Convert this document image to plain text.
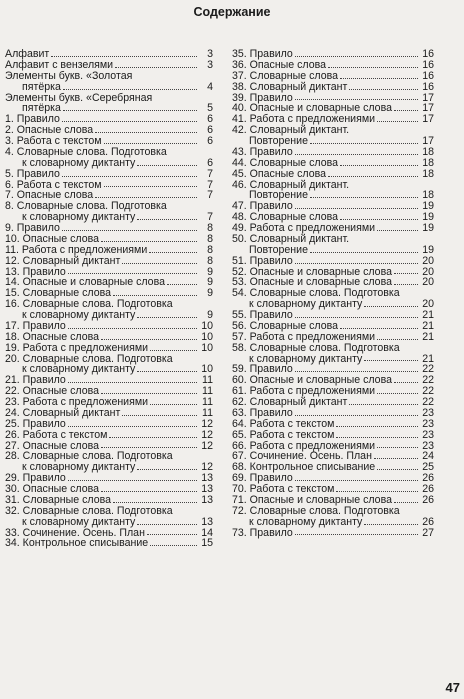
Содержание
Алфавит	3
Алфавит с вензелями	3
Элементы букв. «Золотая
пятёрка	4
Элементы букв. «Серебряная
пятёрка	5
1. Правило	6
2. Опасные слова	6
3. Работа с текстом	6
4. Словарные слова. Подготовка
к словарному диктанту	6
5. Правило	7
6. Работа с текстом	7
7. Опасные слова	7
8. Словарные слова. Подготовка
к словарному диктанту	7
9. Правило	8
10. Опасные слова	8
11. Работа с предложениями	8
12. Словарный диктант	8
13. Правило	9
14. Опасные и словарные слова	9
15. Словарные слова	9
16. Словарные слова. Подготовка
к словарному диктанту	9
17. Правило	10
18. Опасные слова	10
19. Работа с предложениями	10
20. Словарные слова. Подготовка
к словарному диктанту	10
21. Правило	11
22. Опасные слова	11
23. Работа с предложениями	11
24. Словарный диктант	11
25. Правило	12
26. Работа с текстом	12
27. Опасные слова	12
28. Словарные слова. Подготовка
к словарному диктанту	12
29. Правило	13
30. Опасные слова	13
31. Словарные слова	13
32. Словарные слова. Подготовка
к словарному диктанту	13
33. Сочинение. Осень. План	14
34. Контрольное списывание	15
35. Правило	16
36. Опасные слова	16
37. Словарные слова	16
38. Словарный диктант	16
39. Правило	17
40. Опасные и словарные слова	17
41. Работа с предложениями	17
42. Словарный диктант.
Повторение	17
43. Правило	18
44. Словарные слова	18
45. Опасные слова	18
46. Словарный диктант.
Повторение	18
47. Правило	19
48. Словарные слова	19
49. Работа с предложениями	19
50. Словарный диктант.
Повторение	19
51. Правило	20
52. Опасные и словарные слова	20
53. Опасные и словарные слова	20
54. Словарные слова. Подготовка
к словарному диктанту	20
55. Правило	21
56. Словарные слова	21
57. Работа с предложениями	21
58. Словарные слова. Подготовка
к словарному диктанту	21
59. Правило	22
60. Опасные и словарные слова	22
61. Работа с предложениями	22
62. Словарный диктант	22
63. Правило	23
64. Работа с текстом	23
65. Работа с текстом	23
66. Работа с предложениями	23
67. Сочинение. Осень. План	24
68. Контрольное списывание	25
69. Правило	26
70. Работа с текстом	26
71. Опасные и словарные слова	26
72. Словарные слова. Подготовка
к словарному диктанту	26
73. Правило	27
47
